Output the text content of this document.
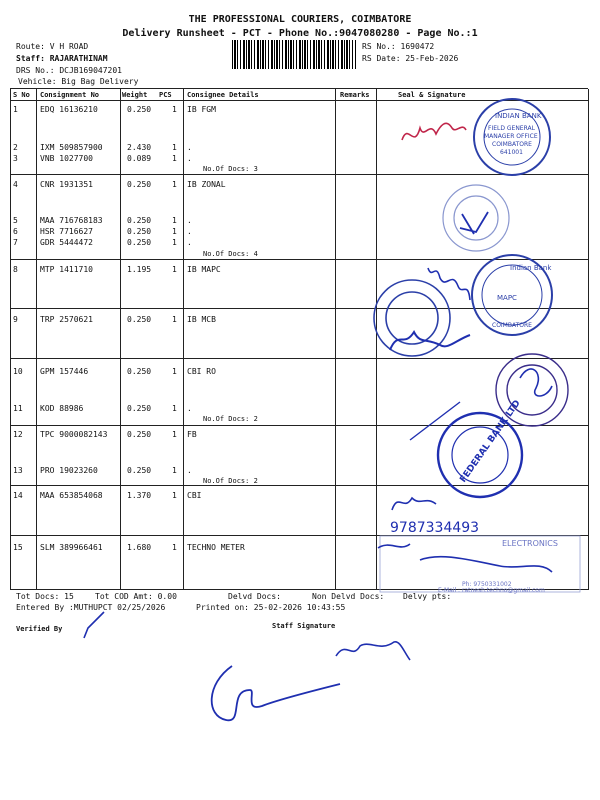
THE PROFESSIONAL COURIERS, COIMBATORE
Delivery Runsheet - PCT - Phone No.:9047080280 - Page No.:1
Route: V H ROAD
Staff: RAJARATHINAM
DRS No.: DCJB169047201
Vehicle: Big Bag Delivery
RS No.: 1690472
RS Date: 25-Feb-2026
S No Consignment No	Weight PCS Consignee Details	Remarks	Seal & Signature
1	EDQ 16136210	0.250	1 IB FGM
2	IXM 509857900	2.430	1 .
3	VNB 1027700	0.089	1 .
No.Of Docs: 3
4	CNR 1931351	0.250	1 IB ZONAL
5	MAA 716768183	0.250	1 .
6	HSR 7716627	0.250	1 .
7	GDR 5444472	0.250	1 .
No.Of Docs: 4
8	MTP 1411710	1.195	1 IB MAPC
9	TRP 2570621	0.250	1 IB MCB
10 GPM 157446	0.250	1 CBI RO
11 KOD 88986	0.250	1 .
No.Of Docs: 2
12 TPC 9000082143 0.250	1 FB
13 PRO 19023260	0.250	1 .
No.Of Docs: 2
14 MAA 653854068	1.370	1 CBI
15 SLM 389966461	1.680	1 TECHNO METER
INDIAN BANK
FIELD GENERAL
MANAGER OFFICE
COIMBATORE
641001
MAPC
COIMBATORE
Indian Bank
FEDERAL BANK LTD
9787334493
ELECTRONICS
Ph: 9750331002
E-Mail : ratnesh.techno@gmail.com
Tot Docs: 15	Tot COD Amt: 0.00	Delvd Docs:	Non Delvd Docs: Delvy pts:
Entered By :MUTHUPCT 02/25/2026	Printed on: 25-02-2026 10:43:55
Verified By	Staff Signature
